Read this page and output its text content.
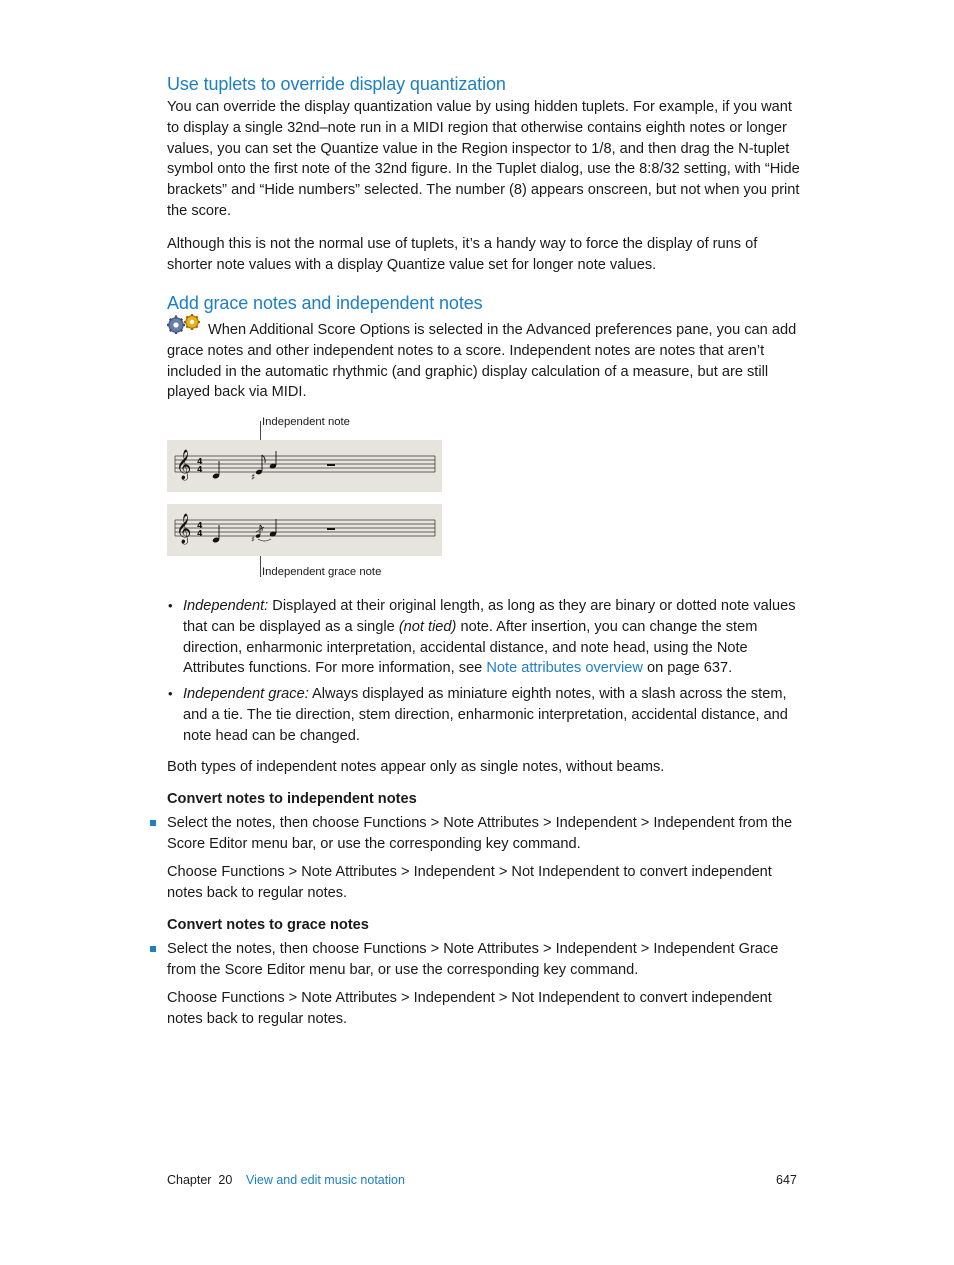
Use tuplets to override display quantization

You can override the display quantization value by using hidden tuplets. For example, if you want to display a single 32nd–note run in a MIDI region that otherwise contains eighth notes or longer values, you can set the Quantize value in the Region inspector to 1/8, and then drag the N-tuplet symbol onto the first note of the 32nd figure. In the Tuplet dialog, use the 8:8/32 setting, with “Hide brackets” and “Hide numbers” selected. The number (8) appears onscreen, but not when you print the score.

Although this is not the normal use of tuplets, it’s a handy way to force the display of runs of shorter note values with a display Quantize value set for longer note values.

Add grace notes and independent notes

When Additional Score Options is selected in the Advanced preferences pane, you can add grace notes and other independent notes to a score. Independent notes are notes that aren’t included in the automatic rhythmic (and graphic) display calculation of a measure, but are still played back via MIDI.

Independent note
Independent grace note
𝄞 4
4
♯
𝄞 4
4
♯
• Independent: Displayed at their original length, as long as they are binary or dotted note values that can be displayed as a single (not tied) note. After insertion, you can change the stem direction, enharmonic interpretation, accidental distance, and note head, using the Note Attributes functions. For more information, see Note attributes overview on page 637.
• Independent grace: Always displayed as miniature eighth notes, with a slash across the stem, and a tie. The tie direction, stem direction, enharmonic interpretation, accidental distance, and note head can be changed.

Both types of independent notes appear only as single notes, without beams.

Convert notes to independent notes

Select the notes, then choose Functions > Note Attributes > Independent > Independent from the Score Editor menu bar, or use the corresponding key command.

Choose Functions > Note Attributes > Independent > Not Independent to convert independent notes back to regular notes.

Convert notes to grace notes

Select the notes, then choose Functions > Note Attributes > Independent > Independent Grace from the Score Editor menu bar, or use the corresponding key command.

Choose Functions > Note Attributes > Independent > Not Independent to convert independent notes back to regular notes.

Chapter  20 View and edit music notation	647
